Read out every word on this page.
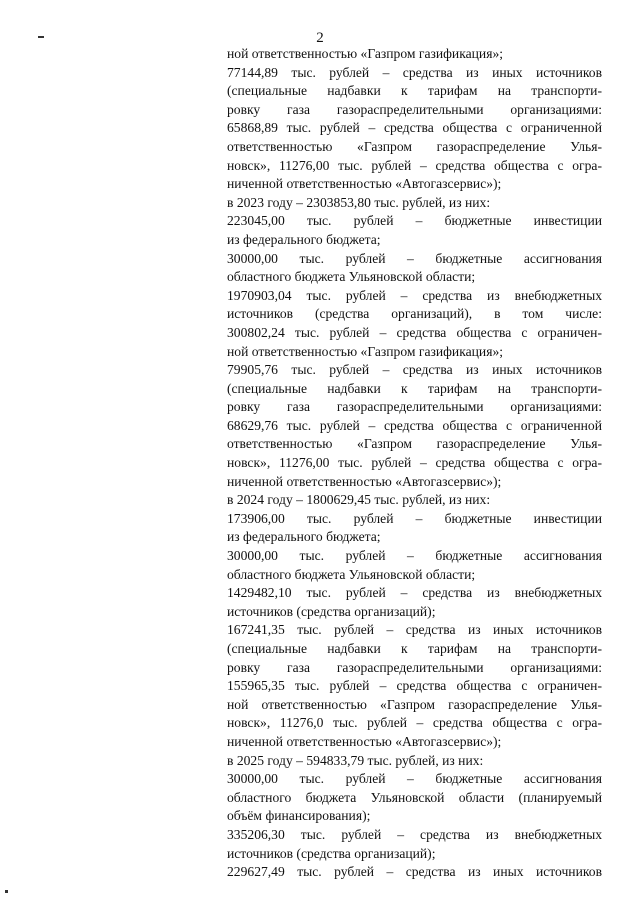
2
ной ответственностью «Газпром газификация»;
77144,89 тыс. рублей – средства из иных источников
(специальные надбавки к тарифам на транспорти-
ровку газа газораспределительными организациями:
65868,89 тыс. рублей – средства общества с ограниченной
ответственностью «Газпром газораспределение Улья-
новск», 11276,00 тыс. рублей – средства общества с огра-
ниченной ответственностью «Автогазсервис»);
в 2023 году – 2303853,80 тыс. рублей, из них:
223045,00 тыс. рублей – бюджетные инвестиции
из федерального бюджета;
30000,00 тыс. рублей – бюджетные ассигнования
областного бюджета Ульяновской области;
1970903,04 тыс. рублей – средства из внебюджетных
источников (средства организаций), в том числе:
300802,24 тыс. рублей – средства общества с ограничен-
ной ответственностью «Газпром газификация»;
79905,76 тыс. рублей – средства из иных источников
(специальные надбавки к тарифам на транспорти-
ровку газа газораспределительными организациями:
68629,76 тыс. рублей – средства общества с ограниченной
ответственностью «Газпром газораспределение Улья-
новск», 11276,00 тыс. рублей – средства общества с огра-
ниченной ответственностью «Автогазсервис»);
в 2024 году – 1800629,45 тыс. рублей, из них:
173906,00 тыс. рублей – бюджетные инвестиции
из федерального бюджета;
30000,00 тыс. рублей – бюджетные ассигнования
областного бюджета Ульяновской области;
1429482,10 тыс. рублей – средства из внебюджетных
источников (средства организаций);
167241,35 тыс. рублей – средства из иных источников
(специальные надбавки к тарифам на транспорти-
ровку газа газораспределительными организациями:
155965,35 тыс. рублей – средства общества с ограничен-
ной ответственностью «Газпром газораспределение Улья-
новск», 11276,0 тыс. рублей – средства общества с огра-
ниченной ответственностью «Автогазсервис»);
в 2025 году – 594833,79 тыс. рублей, из них:
30000,00 тыс. рублей – бюджетные ассигнования
областного бюджета Ульяновской области (планируемый
объём финансирования);
335206,30 тыс. рублей – средства из внебюджетных
источников (средства организаций);
229627,49 тыс. рублей – средства из иных источников
